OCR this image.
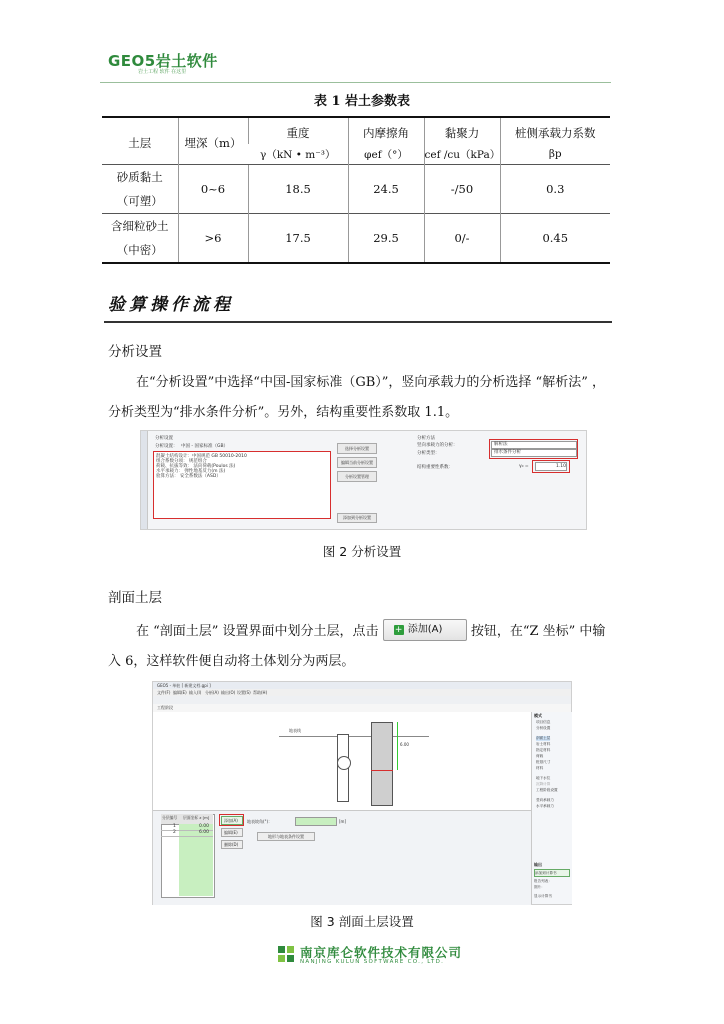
GEO5岩土软件
岩土工程 软件 在这里
表 1 岩土参数表
土层	埋深（m）	重度	内摩擦角	黏聚力	桩侧承载力系数
		γ（kN • m⁻³）	φef（°）	cef /cu（kPa）	βp
砂质黏土
（可塑）	0~6	18.5	24.5	-/50	0.3
含细粒砂土
（中密）	>6	17.5	29.5	0/-	0.45
验算操作流程
分析设置
在“分析设置”中选择“中国-国家标准（GB）”，竖向承载力的分析选择 “解析法” ，分析类型为“排水条件分析”。另外，结构重要性系数取 1.1。
分析设置
分析设置： 中国 - 国家标准（GB）
混凝土结构设计：中国规范 GB 50010-2010
组合系数分项： 规范组合
荷载、抗拔等效： 法向荷载(Poulos 法)
水平承载力： 弹性地基反力(m 法)
验算方法： 安全系数法（ASD）
选择分析设置
编辑当前分析设置
分析设置管理
添加到分析设置
分析方法
竖向承载力的分析：	解析法
分析类型：	排水条件分析
结构重要性系数：	γ₀ =	1.10
图 2 分析设置
剖面土层
在 “剖面土层” 设置界面中划分土层，点击 + 添加(A) 按钮，在“Z 坐标” 中输入 6，这样软件便自动将土体划分为两层。
GEO5 - 单桩 [ 新建文档.gpi ]
文件(F) 编辑(E) 输入(I) 分析(A) 输出(O) 设置(S) 帮助(H)
工程阶段
地表线
6.00
分层编号 层面坐标 z [m]
1	0.00
2	6.00
添加(A)
编辑(E)
删除(D)
地表坡角(°)：	[m]
地形与地表条件设置
模式
项目信息
分析设置
剖面土层
岩土材料
指定材料
荷载
桩基尺寸
材料
地下水位
沉降计算
工程阶段设置
竖向承载力
水平承载力
输出
添加到计算书
报告列表：
图片：
显示计算书
图 3 剖面土层设置
南京库仑软件技术有限公司
NANJING KULUN SOFTWARE CO., LTD.
